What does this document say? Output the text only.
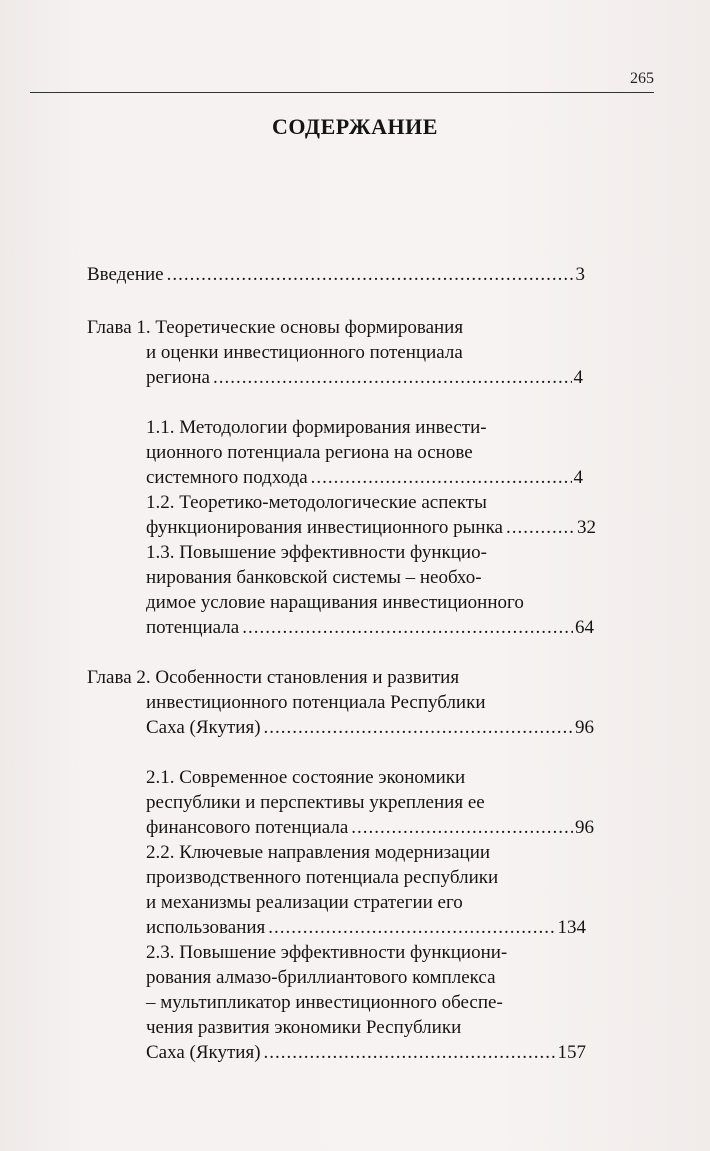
265
СОДЕРЖАНИЕ
Введение .....	3
Глава 1. Теоретические основы формирования
и оценки инвестиционного потенциала
региона .....	4
1.1. Методологии формирования инвести-
ционного потенциала региона на основе
системного подхода .....	4
1.2. Теоретико-методологические аспекты
функционирования инвестиционного рынка .....	32
1.3. Повышение эффективности функцио-
нирования банковской системы – необхо-
димое условие наращивания инвестиционного
потенциала .....	64
Глава 2. Особенности становления и развития
инвестиционного потенциала Республики
Саха (Якутия) .....	96
2.1. Современное состояние экономики
республики и перспективы укрепления ее
финансового потенциала .....	96
2.2. Ключевые направления модернизации
производственного потенциала республики
и механизмы реализации стратегии его
использования .....	134
2.3. Повышение эффективности функциони-
рования алмазо-бриллиантового комплекса
– мультипликатор инвестиционного обеспе-
чения развития экономики Республики
Саха (Якутия) .....	157
